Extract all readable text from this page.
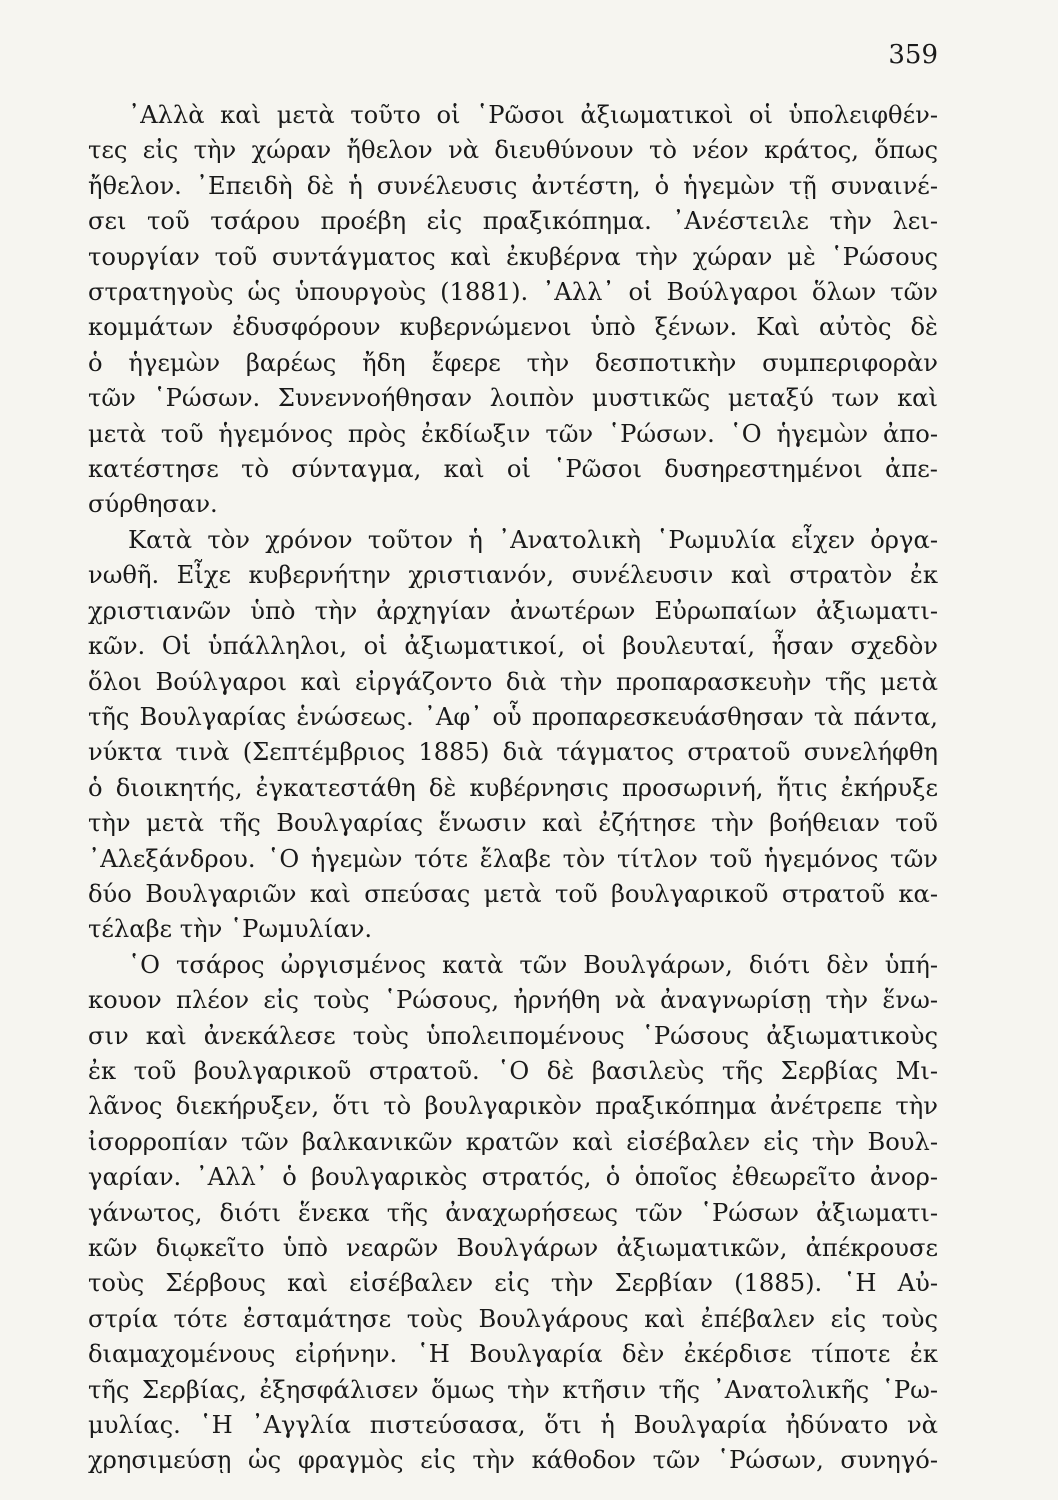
359
᾿Αλλὰ καὶ μετὰ τοῦτο οἱ ῾Ρῶσοι ἀξιωματικοὶ οἱ ὑπολειφθέν-
τες εἰς τὴν χώραν ἤθελον νὰ διευθύνουν τὸ νέον κράτος, ὅπως
ἤθελον. ᾿Επειδὴ δὲ ἡ συνέλευσις ἀντέστη, ὁ ἡγεμὼν τῇ συναινέ-
σει τοῦ τσάρου προέβη εἰς πραξικόπημα. ᾿Ανέστειλε τὴν λει-
τουργίαν τοῦ συντάγματος καὶ ἐκυβέρνα τὴν χώραν μὲ ῾Ρώσους
στρατηγοὺς ὡς ὑπουργοὺς (1881). ᾿Αλλ᾿ οἱ Βούλγαροι ὅλων τῶν
κομμάτων ἐδυσφόρουν κυβερνώμενοι ὑπὸ ξένων. Καὶ αὐτὸς δὲ
ὁ ἡγεμὼν βαρέως ἤδη ἔφερε τὴν δεσποτικὴν συμπεριφορὰν
τῶν ῾Ρώσων. Συνεννοήθησαν λοιπὸν μυστικῶς μεταξύ των καὶ
μετὰ τοῦ ἡγεμόνος πρὸς ἐκδίωξιν τῶν ῾Ρώσων. ῾Ο ἡγεμὼν ἀπο-
κατέστησε τὸ σύνταγμα, καὶ οἱ ῾Ρῶσοι δυσηρεστημένοι ἀπε-
σύρθησαν.
Κατὰ τὸν χρόνον τοῦτον ἡ ᾿Ανατολικὴ ῾Ρωμυλία εἶχεν ὀργα-
νωθῆ. Εἶχε κυβερνήτην χριστιανόν, συνέλευσιν καὶ στρατὸν ἐκ
χριστιανῶν ὑπὸ τὴν ἀρχηγίαν ἀνωτέρων Εὐρωπαίων ἀξιωματι-
κῶν. Οἱ ὑπάλληλοι, οἱ ἀξιωματικοί, οἱ βουλευταί, ἦσαν σχεδὸν
ὅλοι Βούλγαροι καὶ εἰργάζοντο διὰ τὴν προπαρασκευὴν τῆς μετὰ
τῆς Βουλγαρίας ἑνώσεως. ᾿Αφ᾿ οὗ προπαρεσκευάσθησαν τὰ πάντα,
νύκτα τινὰ (Σεπτέμβριος 1885) διὰ τάγματος στρατοῦ συνελήφθη
ὁ διοικητής, ἐγκατεστάθη δὲ κυβέρνησις προσωρινή, ἥτις ἐκήρυξε
τὴν μετὰ τῆς Βουλγαρίας ἕνωσιν καὶ ἐζήτησε τὴν βοήθειαν τοῦ
᾿Αλεξάνδρου. ῾Ο ἡγεμὼν τότε ἔλαβε τὸν τίτλον τοῦ ἡγεμόνος τῶν
δύο Βουλγαριῶν καὶ σπεύσας μετὰ τοῦ βουλγαρικοῦ στρατοῦ κα-
τέλαβε τὴν ῾Ρωμυλίαν.
῾Ο τσάρος ὠργισμένος κατὰ τῶν Βουλγάρων, διότι δὲν ὑπή-
κουον πλέον εἰς τοὺς ῾Ρώσους, ἠρνήθη νὰ ἀναγνωρίσῃ τὴν ἕνω-
σιν καὶ ἀνεκάλεσε τοὺς ὑπολειπομένους ῾Ρώσους ἀξιωματικοὺς
ἐκ τοῦ βουλγαρικοῦ στρατοῦ. ῾Ο δὲ βασιλεὺς τῆς Σερβίας Μι-
λᾶνος διεκήρυξεν, ὅτι τὸ βουλγαρικὸν πραξικόπημα ἀνέτρεπε τὴν
ἰσορροπίαν τῶν βαλκανικῶν κρατῶν καὶ εἰσέβαλεν εἰς τὴν Βουλ-
γαρίαν. ᾿Αλλ᾿ ὁ βουλγαρικὸς στρατός, ὁ ὁποῖος ἐθεωρεῖτο ἀνορ-
γάνωτος, διότι ἕνεκα τῆς ἀναχωρήσεως τῶν ῾Ρώσων ἀξιωματι-
κῶν διῳκεῖτο ὑπὸ νεαρῶν Βουλγάρων ἀξιωματικῶν, ἀπέκρουσε
τοὺς Σέρβους καὶ εἰσέβαλεν εἰς τὴν Σερβίαν (1885). ῾Η Αὐ-
στρία τότε ἐσταμάτησε τοὺς Βουλγάρους καὶ ἐπέβαλεν εἰς τοὺς
διαμαχομένους εἰρήνην. ῾Η Βουλγαρία δὲν ἐκέρδισε τίποτε ἐκ
τῆς Σερβίας, ἐξησφάλισεν ὅμως τὴν κτῆσιν τῆς ᾿Ανατολικῆς ῾Ρω-
μυλίας. ῾Η ᾿Αγγλία πιστεύσασα, ὅτι ἡ Βουλγαρία ἠδύνατο νὰ
χρησιμεύσῃ ὡς φραγμὸς εἰς τὴν κάθοδον τῶν ῾Ρώσων, συνηγό-
